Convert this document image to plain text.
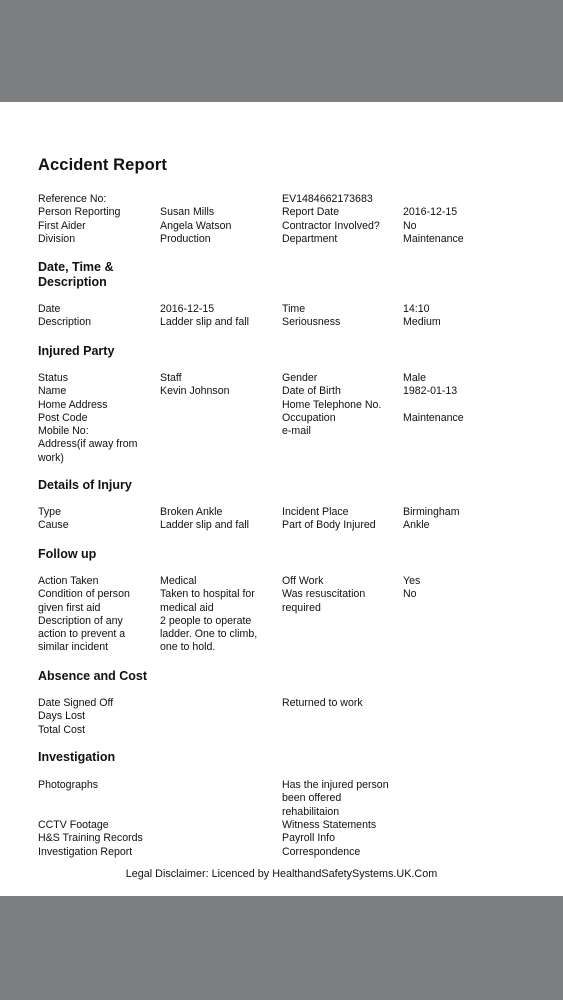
Accident Report
Reference No:
Person Reporting
First Aider
Division

Susan Mills
Angela Watson
Production
EV1484662173683
Report Date
Contractor Involved?
Department

2016-12-15
No
Maintenance
Date, Time &
Description
Date
Description
2016-12-15
Ladder slip and fall
Time
Seriousness
14:10
Medium
Injured Party
Status
Name
Home Address
Post Code
Mobile No:
Address(if away from
work)
Staff
Kevin Johnson
Gender
Date of Birth
Home Telephone No.
Occupation
e-mail
Male
1982-01-13

Maintenance
Details of Injury
Type
Cause
Broken Ankle
Ladder slip and fall
Incident Place
Part of Body Injured
Birmingham
Ankle
Follow up
Action Taken
Condition of person
given first aid
Description of any
action to prevent a
similar incident
Medical
Taken to hospital for
medical aid
2 people to operate
ladder. One to climb,
one to hold.
Off Work
Was resuscitation
required
Yes
No
Absence and Cost
Date Signed Off
Days Lost
Total Cost
Returned to work
Investigation
Photographs	Has the injured person
been offered
rehabilitaion
CCTV Footage
H&S Training Records
Investigation Report
Witness Statements
Payroll Info
Correspondence
Legal Disclaimer: Licenced by HealthandSafetySystems.UK.Com
